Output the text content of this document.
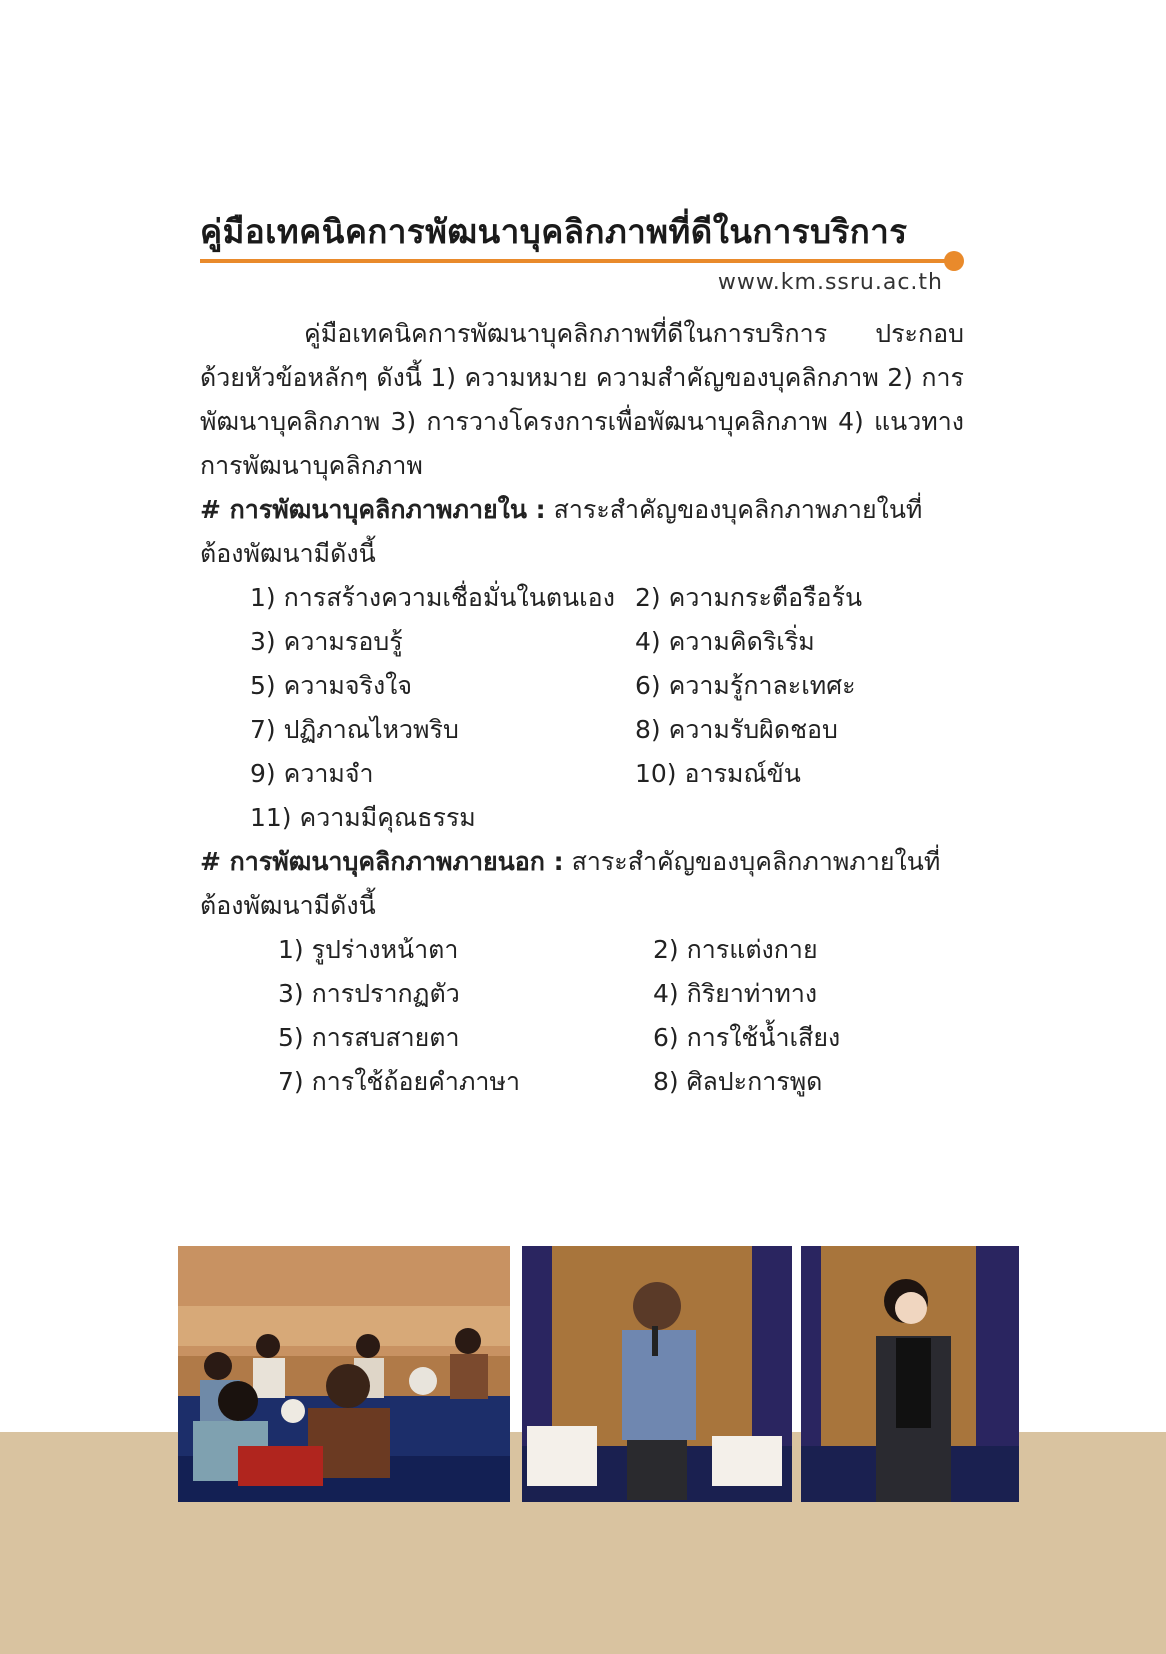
คู่มือเทคนิคการพัฒนาบุคลิกภาพที่ดีในการบริการ
www.km.ssru.ac.th

คู่มือเทคนิคการพัฒนาบุคลิกภาพที่ดีในการบริการ ประกอบด้วยหัวข้อหลักๆ ดังนี้ 1) ความหมาย ความสำคัญของบุคลิกภาพ 2) การพัฒนาบุคลิกภาพ 3) การวางโครงการเพื่อพัฒนาบุคลิกภาพ 4) แนวทางการพัฒนาบุคลิกภาพ

# การพัฒนาบุคลิกภาพภายใน : สาระสำคัญของบุคลิกภาพภายในที่ต้องพัฒนามีดังนี้

1) การสร้างความเชื่อมั่นในตนเอง 2) ความกระตือรือร้น
3) ความรอบรู้	4) ความคิดริเริ่ม
5) ความจริงใจ	6) ความรู้กาละเทศะ
7) ปฏิภาณไหวพริบ	8) ความรับผิดชอบ
9) ความจำ	10) อารมณ์ขัน
11) ความมีคุณธรรม

# การพัฒนาบุคลิกภาพภายนอก : สาระสำคัญของบุคลิกภาพภายในที่ต้องพัฒนามีดังนี้

1) รูปร่างหน้าตา	2) การแต่งกาย
3) การปรากฏตัว	4) กิริยาท่าทาง
5) การสบสายตา	6) การใช้น้ำเสียง
7) การใช้ถ้อยคำภาษา	8) ศิลปะการพูด
